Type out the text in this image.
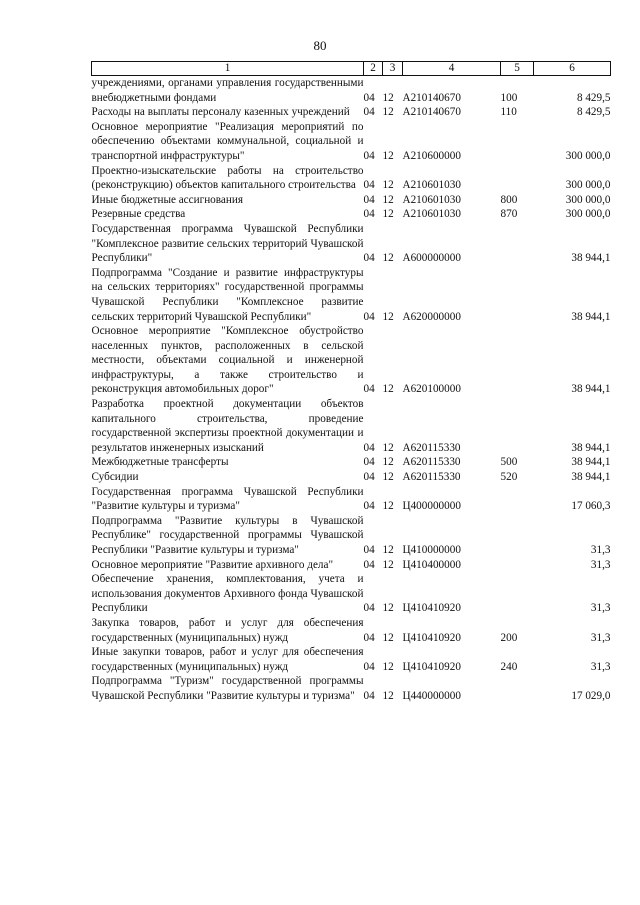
80
1	2	3	4	5	6
учреждениями, органами управления государственными внебюджетными фондами	04	12	А210140670	100	8 429,5
Расходы на выплаты персоналу казенных учреждений	04	12	А210140670	110	8 429,5
Основное мероприятие "Реализация мероприятий по обеспечению объектами коммунальной, социальной и транспортной инфраструктуры"	04	12	А210600000		300 000,0
Проектно-изыскательские работы на строительство (реконструкцию) объектов капитального строительства	04	12	А210601030		300 000,0
Иные бюджетные ассигнования	04	12	А210601030	800	300 000,0
Резервные средства	04	12	А210601030	870	300 000,0
Государственная программа Чувашской Республики "Комплексное развитие сельских территорий Чувашской Республики"	04	12	А600000000		38 944,1
Подпрограмма "Создание и развитие инфраструктуры на сельских территориях" государственной программы Чувашской Республики "Комплексное развитие сельских территорий Чувашской Республики"	04	12	А620000000		38 944,1
Основное мероприятие "Комплексное обустройство населенных пунктов, расположенных в сельской местности, объектами социальной и инженерной инфраструктуры, а также строительство и реконструкция автомобильных дорог"	04	12	А620100000		38 944,1
Разработка проектной документации объектов капитального строительства, проведение государственной экспертизы проектной документации и результатов инженерных изысканий	04	12	А620115330		38 944,1
Межбюджетные трансферты	04	12	А620115330	500	38 944,1
Субсидии	04	12	А620115330	520	38 944,1
Государственная программа Чувашской Республики "Развитие культуры и туризма"	04	12	Ц400000000		17 060,3
Подпрограмма "Развитие культуры в Чувашской Республике" государственной программы Чувашской Республики "Развитие культуры и туризма"	04	12	Ц410000000		31,3
Основное мероприятие "Развитие архивного дела"	04	12	Ц410400000		31,3
Обеспечение хранения, комплектования, учета и использования документов Архивного фонда Чувашской Республики	04	12	Ц410410920		31,3
Закупка товаров, работ и услуг для обеспечения государственных (муниципальных) нужд	04	12	Ц410410920	200	31,3
Иные закупки товаров, работ и услуг для обеспечения государственных (муниципальных) нужд	04	12	Ц410410920	240	31,3
Подпрограмма "Туризм" государственной программы Чувашской Республики "Развитие культуры и туризма"	04	12	Ц440000000		17 029,0
